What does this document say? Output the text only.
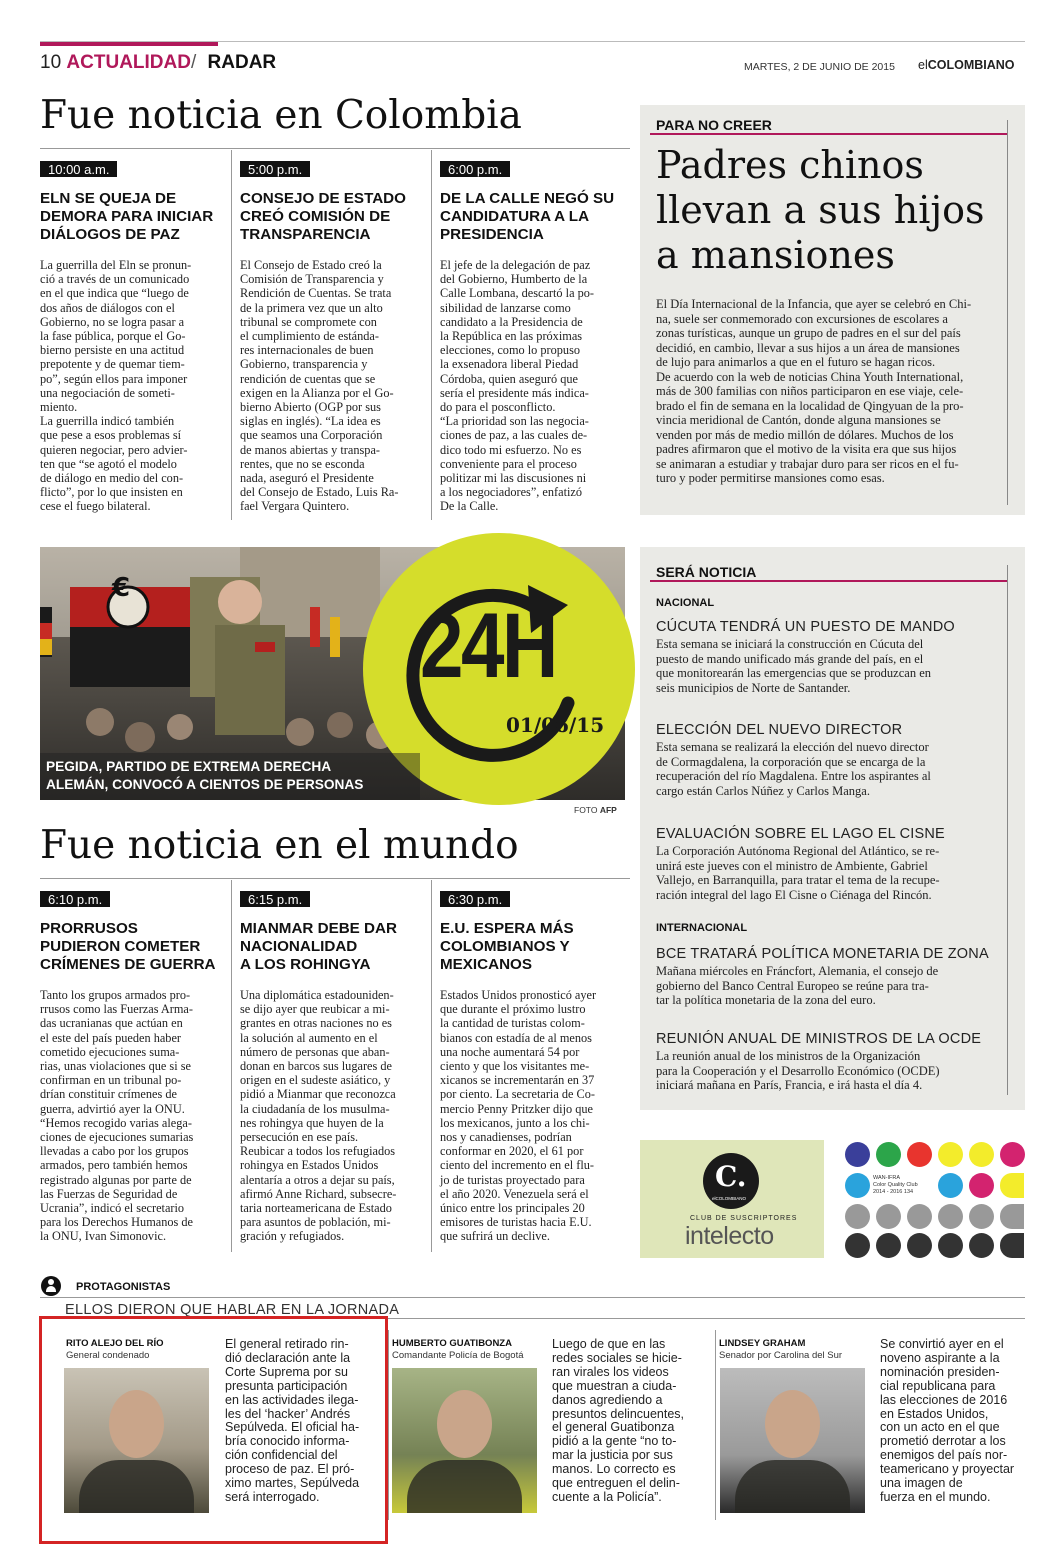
10 ACTUALIDAD/ RADAR	MARTES, 2 DE JUNIO DE 2015 elCOLOMBIANO
Fue noticia en Colombia
10:00 a.m.
ELN SE QUEJA DE
DEMORA PARA INICIAR
DIÁLOGOS DE PAZ
La guerrilla del Eln se pronun-
ció a través de un comunicado
en el que indica que “luego de
dos años de diálogos con el
Gobierno, no se logra pasar a
la fase pública, porque el Go-
bierno persiste en una actitud
prepotente y de quemar tiem-
po”, según ellos para imponer
una negociación de someti-
miento.
La guerrilla indicó también
que pese a esos problemas sí
quieren negociar, pero advier-
ten que “se agotó el modelo
de diálogo en medio del con-
flicto”, por lo que insisten en
cese el fuego bilateral.
5:00 p.m.
CONSEJO DE ESTADO
CREÓ COMISIÓN DE
TRANSPARENCIA
El Consejo de Estado creó la
Comisión de Transparencia y
Rendición de Cuentas. Se trata
de la primera vez que un alto
tribunal se compromete con
el cumplimiento de estándа-
res internacionales de buen
Gobierno, transparencia y
rendición de cuentas que se
exigen en la Alianza por el Go-
bierno Abierto (OGP por sus
siglas en inglés). “La idea es
que seamos una Corporación
de manos abiertas y transpa-
rentes, que no se esconda
nada, aseguró el Presidente
del Consejo de Estado, Luis Ra-
fael Vergara Quintero.
6:00 p.m.
DE LA CALLE NEGÓ SU
CANDIDATURA A LA
PRESIDENCIA
El jefe de la delegación de paz
del Gobierno, Humberto de la
Calle Lombana, descartó la po-
sibilidad de lanzarse como
candidato a la Presidencia de
la República en las próximas
elecciones, como lo propuso
la exsenadora liberal Piedad
Córdoba, quien aseguró que
sería el presidente más indica-
do para el posconflicto.
“La prioridad son las negocia-
ciones de paz, a las cuales de-
dico todo mi esfuerzo. No es
conveniente para el proceso
politizar mi las discusiones ni
a los negociadores”, enfatizó
De la Calle.
PARA NO CREER
Padres chinos
llevan a sus hijos
a mansiones
El Día Internacional de la Infancia, que ayer se celebró en Chi-
na, suele ser conmemorado con excursiones de escolares a
zonas turísticas, aunque un grupo de padres en el sur del país
decidió, en cambio, llevar a sus hijos a un área de mansiones
de lujo para animarlos a que en el futuro se hagan ricos.
De acuerdo con la web de noticias China Youth International,
más de 300 familias con niños participaron en ese viaje, cele-
brado el fin de semana en la localidad de Qingyuan de la pro-
vincia meridional de Cantón, donde alguna mansiones se
venden por más de medio millón de dólares. Muchos de los
padres afirmaron que el motivo de la visita era que sus hijos
se animaran a estudiar y trabajar duro para ser ricos en el fu-
turo y poder permitirse mansiones como esas.
€
24H
01/06/15
PEGIDA, PARTIDO DE EXTREMA DERECHA
ALEMÁN, CONVOCÓ A CIENTOS DE PERSONAS
FOTO AFP
Fue noticia en el mundo
6:10 p.m.
PRORRUSOS
PUDIERON COMETER
CRÍMENES DE GUERRA
Tanto los grupos armados pro-
rrusos como las Fuerzas Arma-
das ucranianas que actúan en
el este del país pueden haber
cometido ejecuciones suma-
rias, unas violaciones que si se
confirman en un tribunal po-
drían constituir crímenes de
guerra, advirtió ayer la ONU.
“Hemos recogido varias alega-
ciones de ejecuciones sumarias
llevadas a cabo por los grupos
armados, pero también hemos
registrado algunas por parte de
las Fuerzas de Seguridad de
Ucrania”, indicó el secretario
para los Derechos Humanos de
la ONU, Ivan Simonovic.
6:15 p.m.
MIANMAR DEBE DAR
NACIONALIDAD
A LOS ROHINGYA
Una diplomática estadouniden-
se dijo ayer que reubicar a mi-
grantes en otras naciones no es
la solución al aumento en el
número de personas que aban-
donan en barcos sus lugares de
origen en el sudeste asiático, y
pidió a Mianmar que reconozca
la ciudadanía de los musulma-
nes rohingya que huyen de la
persecución en ese país.
Reubicar a todos los refugiados
rohingya en Estados Unidos
alentaría a otros a dejar su país,
afirmó Anne Richard, subsecre-
taria norteamericana de Estado
para asuntos de población, mi-
gración y refugiados.
6:30 p.m.
E.U. ESPERA MÁS
COLOMBIANOS Y
MEXICANOS
Estados Unidos pronosticó ayer
que durante el próximo lustro
la cantidad de turistas colom-
bianos con estadía de al menos
una noche aumentará 54 por
ciento y que los visitantes me-
xicanos se incrementarán en 37
por ciento. La secretaria de Co-
mercio Penny Pritzker dijo que
los mexicanos, junto a los chi-
nos y canadienses, podrían
conformar en 2020, el 61 por
ciento del incremento en el flu-
jo de turistas proyectado para
el año 2020. Venezuela será el
único entre los principales 20
emisores de turistas hacia E.U.
que sufrirá un declive.
SERÁ NOTICIA
NACIONAL
INTERNACIONAL
CÚCUTA TENDRÁ UN PUESTO DE MANDO
Esta semana se iniciará la construcción en Cúcuta del
puesto de mando unificado más grande del país, en el
que monitorearán las emergencias que se produzcan en
seis municipios de Norte de Santander.
ELECCIÓN DEL NUEVO DIRECTOR
Esta semana se realizará la elección del nuevo director
de Cormagdalena, la corporación que se encarga de la
recuperación del río Magdalena. Entre los aspirantes al
cargo están Carlos Núñez y Carlos Manga.
EVALUACIÓN SOBRE EL LAGO EL CISNE
La Corporación Autónoma Regional del Atlántico, se re-
unirá este jueves con el ministro de Ambiente, Gabriel
Vallejo, en Barranquilla, para tratar el tema de la recupe-
ración integral del lago El Cisne o Ciénaga del Rincón.
BCE TRATARÁ POLÍTICA MONETARIA DE ZONA
Mañana miércoles en Fráncfort, Alemania, el consejo de
gobierno del Banco Central Europeo se reúne para tra-
tar la política monetaria de la zona del euro.
REUNIÓN ANUAL DE MINISTROS DE LA OCDE
La reunión anual de los ministros de la Organización
para la Cooperación y el Desarrollo Económico (OCDE)
iniciará mañana en París, Francia, e irá hasta el día 4.
C.
elCOLOMBIANO
CLUB DE SUSCRIPTORES
intelecto
WAN-IFRA
Color Quality Club
2014 - 2016 134
PROTAGONISTAS
ELLOS DIERON QUE HABLAR EN LA JORNADA
RITO ALEJO DEL RÍO
General condenado
El general retirado rin-
dió declaración ante la
Corte Suprema por su
presunta participación
en las actividades ilega-
les del ‘hacker’ Andrés
Sepúlveda. El oficial ha-
bría conocido informa-
ción confidencial del
proceso de paz. El pró-
ximo martes, Sepúlveda
será interrogado.
HUMBERTO GUATIBONZA
Comandante Policía de Bogotá
Luego de que en las
redes sociales se hicie-
ran virales los videos
que muestran a ciuda-
danos agrediendo a
presuntos delincuentes,
el general Guatibonza
pidió a la gente “no to-
mar la justicia por sus
manos. Lo correcto es
que entreguen el delin-
cuente a la Policía”.
LINDSEY GRAHAM
Senador por Carolina del Sur
Se convirtió ayer en el
noveno aspirante a la
nominación presiden-
cial republicana para
las elecciones de 2016
en Estados Unidos,
con un acto en el que
prometió derrotar a los
enemigos del país nor-
teamericano y proyectar
una imagen de
fuerza en el mundo.
